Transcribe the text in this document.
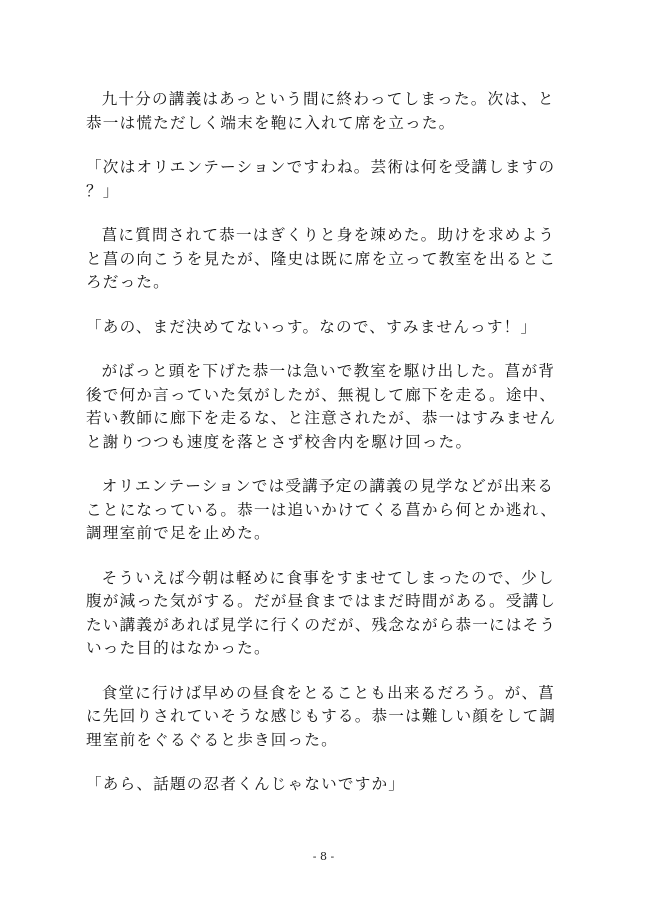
九十分の講義はあっという間に終わってしまった。次は、と恭一は慌ただしく端末を鞄に入れて席を立った。

「次はオリエンテーションですわね。芸術は何を受講しますの？」

菖に質問されて恭一はぎくりと身を竦めた。助けを求めようと菖の向こうを見たが、隆史は既に席を立って教室を出るところだった。

「あの、まだ決めてないっす。なので、すみませんっす！」

がばっと頭を下げた恭一は急いで教室を駆け出した。菖が背後で何か言っていた気がしたが、無視して廊下を走る。途中、若い教師に廊下を走るな、と注意されたが、恭一はすみませんと謝りつつも速度を落とさず校舎内を駆け回った。

オリエンテーションでは受講予定の講義の見学などが出来ることになっている。恭一は追いかけてくる菖から何とか逃れ、調理室前で足を止めた。

そういえば今朝は軽めに食事をすませてしまったので、少し腹が減った気がする。だが昼食まではまだ時間がある。受講したい講義があれば見学に行くのだが、残念ながら恭一にはそういった目的はなかった。

食堂に行けば早めの昼食をとることも出来るだろう。が、菖に先回りされていそうな感じもする。恭一は難しい顔をして調理室前をぐるぐると歩き回った。

「あら、話題の忍者くんじゃないですか」

- 8 -
